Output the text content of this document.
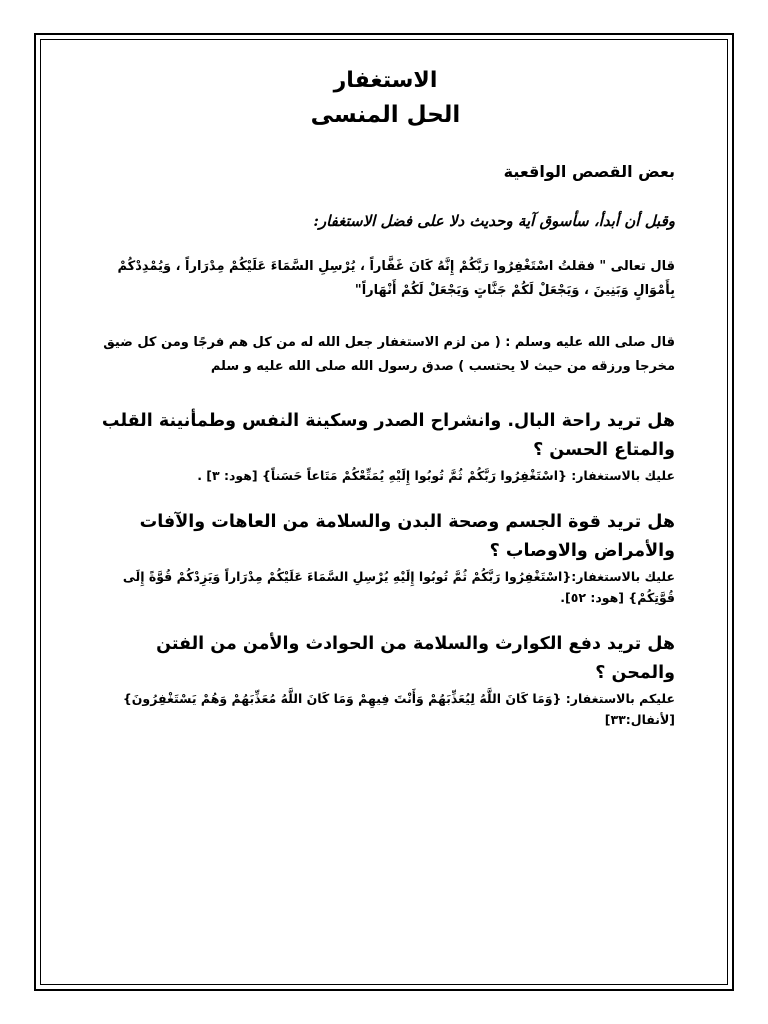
الاستغفار

الحل المنسى

بعض القصص الواقعية

وقبل أن أبدأ، سأسوق آية وحديث دلا على فضل الاستغفار:

قال تعالى " فقلتُ اسْتَغْفِرُوا رَبَّكُمْ إِنَّهُ كَانَ غَفَّاراً ، يُرْسِلِ السَّمَاءَ عَلَيْكُمْ مِدْرَاراً ، وَيُمْدِدْكُمْ بِأَمْوَالٍ وَبَنِينَ ، وَيَجْعَلْ لَكُمْ جَنَّاتٍ وَيَجْعَلْ لَكُمْ أَنْهَاراً"

قال صلى الله عليه وسلم : ( من لزم الاستغفار جعل الله له من كل هم فرجًا ومن كل ضيق مخرجا ورزقه من حيث لا يحتسب ) صدق رسول الله صلى الله عليه و سلم

هل تريد راحة البال. وانشراح الصدر وسكينة النفس وطمأنينة القلب والمتاع الحسن ؟

عليك بالاستغفار: {اسْتَغْفِرُوا رَبَّكُمْ ثُمَّ تُوبُوا إِلَيْهِ يُمَتِّعْكُمْ مَتَاعاً حَسَناً} [هود: ٣] .

هل تريد قوة الجسم وصحة البدن والسلامة من العاهات والآفات والأمراض والاوصاب ؟

عليك بالاستغفار:{اسْتَغْفِرُوا رَبَّكُمْ ثُمَّ تُوبُوا إِلَيْهِ يُرْسِلِ السَّمَاءَ عَلَيْكُمْ مِدْرَاراً وَيَزِدْكُمْ قُوَّةً إِلَى قُوَّتِكُمْ} [هود: ٥٢].

هل تريد دفع الكوارث والسلامة من الحوادث والأمن من الفتن والمحن ؟

عليكم بالاستغفار: {وَمَا كَانَ اللَّهُ لِيُعَذِّبَهُمْ وَأَنْتَ فِيهِمْ وَمَا كَانَ اللَّهُ مُعَذِّبَهُمْ وَهُمْ يَسْتَغْفِرُونَ} [لأنفال:٣٣]
